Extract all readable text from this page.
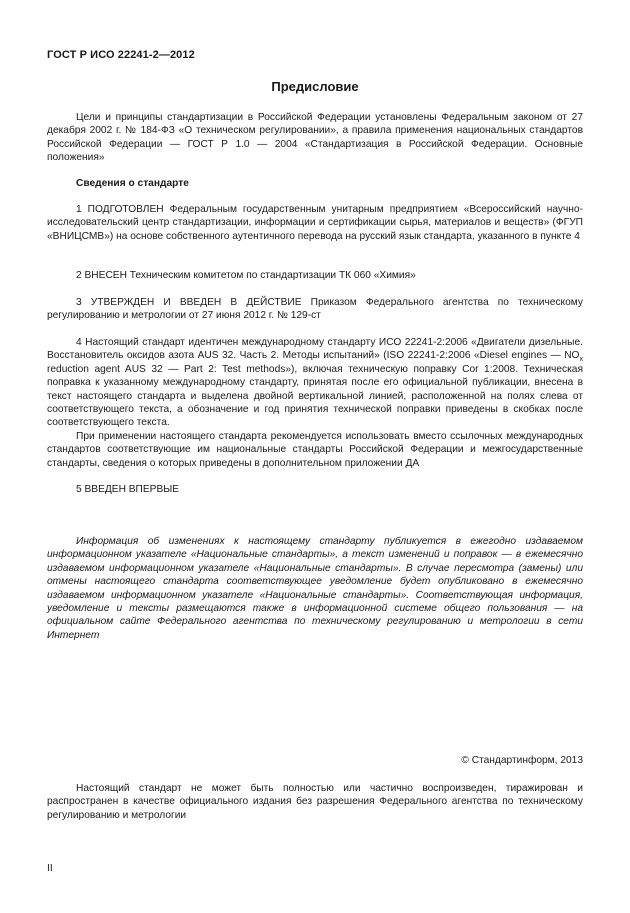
ГОСТ Р ИСО 22241-2—2012
Предисловие

Цели и принципы стандартизации в Российской Федерации установлены Федеральным законом от 27 декабря 2002 г. № 184-ФЗ «О техническом регулировании», а правила применения национальных стандартов Российской Федерации — ГОСТ Р 1.0 — 2004 «Стандартизация в Российской Федерации. Основные положения»

Сведения о стандарте

1 ПОДГОТОВЛЕН Федеральным государственным унитарным предприятием «Всероссийский научно-исследовательский центр стандартизации, информации и сертификации сырья, материалов и веществ» (ФГУП «ВНИЦСМВ») на основе собственного аутентичного перевода на русский язык стандарта, указанного в пункте 4

2 ВНЕСЕН Техническим комитетом по стандартизации ТК 060 «Химия»

3 УТВЕРЖДЕН И ВВЕДЕН В ДЕЙСТВИЕ Приказом Федерального агентства по техническому регулированию и метрологии от 27 июня 2012 г. № 129-ст

4 Настоящий стандарт идентичен международному стандарту ИСО 22241-2:2006 «Двигатели дизельные. Восстановитель оксидов азота AUS 32. Часть 2. Методы испытаний» (ISO 22241-2:2006 «Diesel engines — $NO_x$ reduction agent AUS 32 — Part 2: Test methods»), включая техническую поправку Cor 1:2008. Техническая поправка к указанному международному стандарту, принятая после его официальной публикации, внесена в текст настоящего стандарта и выделена двойной вертикальной линией, расположенной на полях слева от соответствующего текста, а обозначение и год принятия технической поправки приведены в скобках после соответствующего текста.

При применении настоящего стандарта рекомендуется использовать вместо ссылочных международных стандартов соответствующие им национальные стандарты Российской Федерации и межгосударственные стандарты, сведения о которых приведены в дополнительном приложении ДА

5 ВВЕДЕН ВПЕРВЫЕ

Информация об изменениях к настоящему стандарту публикуется в ежегодно издаваемом информационном указателе «Национальные стандарты», а текст изменений и поправок — в ежемесячно издаваемом информационном указателе «Национальные стандарты». В случае пересмотра (замены) или отмены настоящего стандарта соответствующее уведомление будет опубликовано в ежемесячно издаваемом информационном указателе «Национальные стандарты». Соответствующая информация, уведомление и тексты размещаются также в информационной системе общего пользования — на официальном сайте Федерального агентства по техническому регулированию и метрологии в сети Интернет

© Стандартинформ, 2013

Настоящий стандарт не может быть полностью или частично воспроизведен, тиражирован и распространен в качестве официального издания без разрешения Федерального агентства по техническому регулированию и метрологии

II
